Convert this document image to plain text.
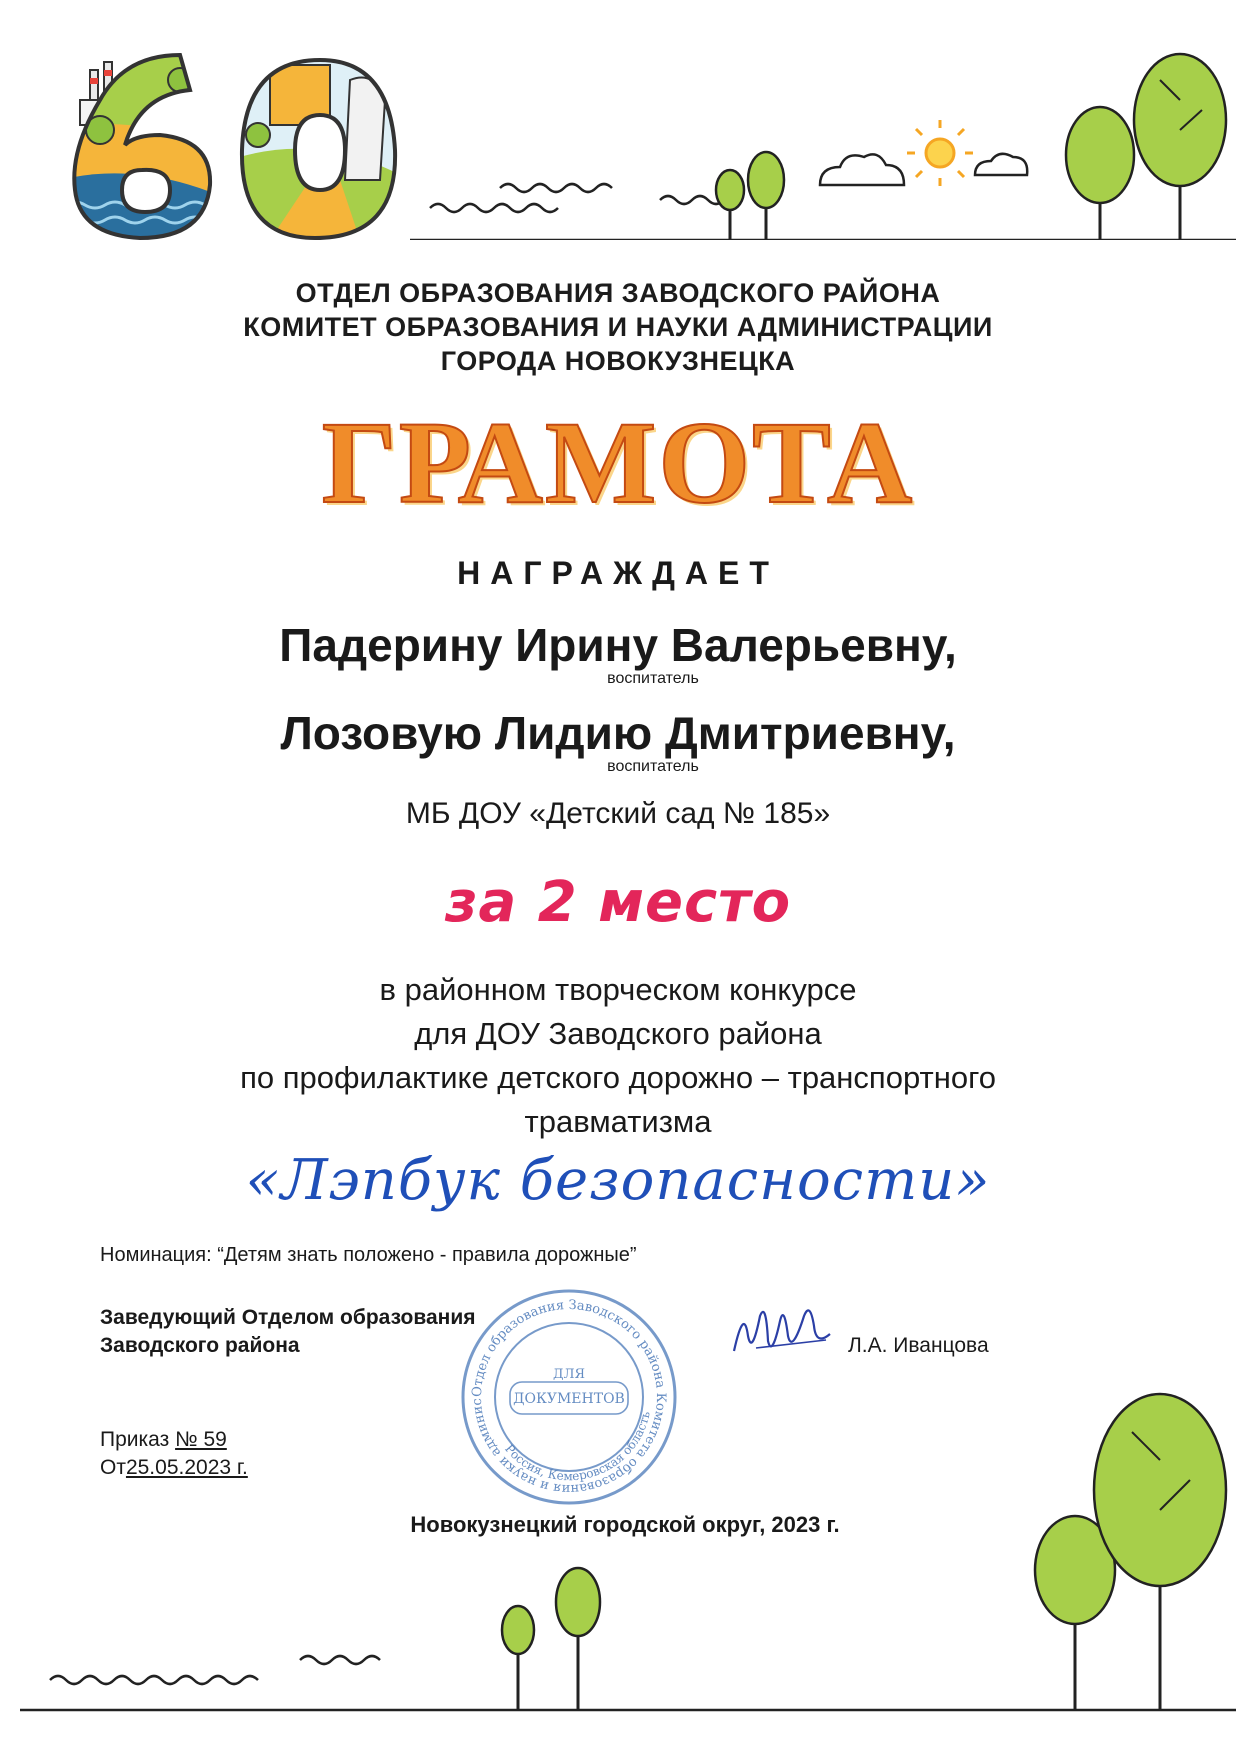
60
ОТДЕЛ ОБРАЗОВАНИЯ ЗАВОДСКОГО РАЙОНА
КОМИТЕТ ОБРАЗОВАНИЯ И НАУКИ АДМИНИСТРАЦИИ
ГОРОДА НОВОКУЗНЕЦКА
ГРАМОТА
НАГРАЖДАЕТ
Падерину Ирину Валерьевну,
воспитатель
Лозовую Лидию Дмитриевну,
воспитатель
МБ ДОУ «Детский сад № 185»
за 2 место
в районном творческом конкурсе
для ДОУ Заводского района
по профилактике детского дорожно – транспортного
травматизма
«Лэпбук безопасности»
Номинация: “Детям знать положено - правила дорожные”
Заведующий Отделом образования
Заводского района	Л.А. Иванцова
Отдел образования Заводского района Комитета образования и науки админис
Россия, Кемеровская область
ДЛЯ
ДОКУМЕНТОВ
Приказ № 59
От25.05.2023 г.
Новокузнецкий городской округ, 2023 г.
